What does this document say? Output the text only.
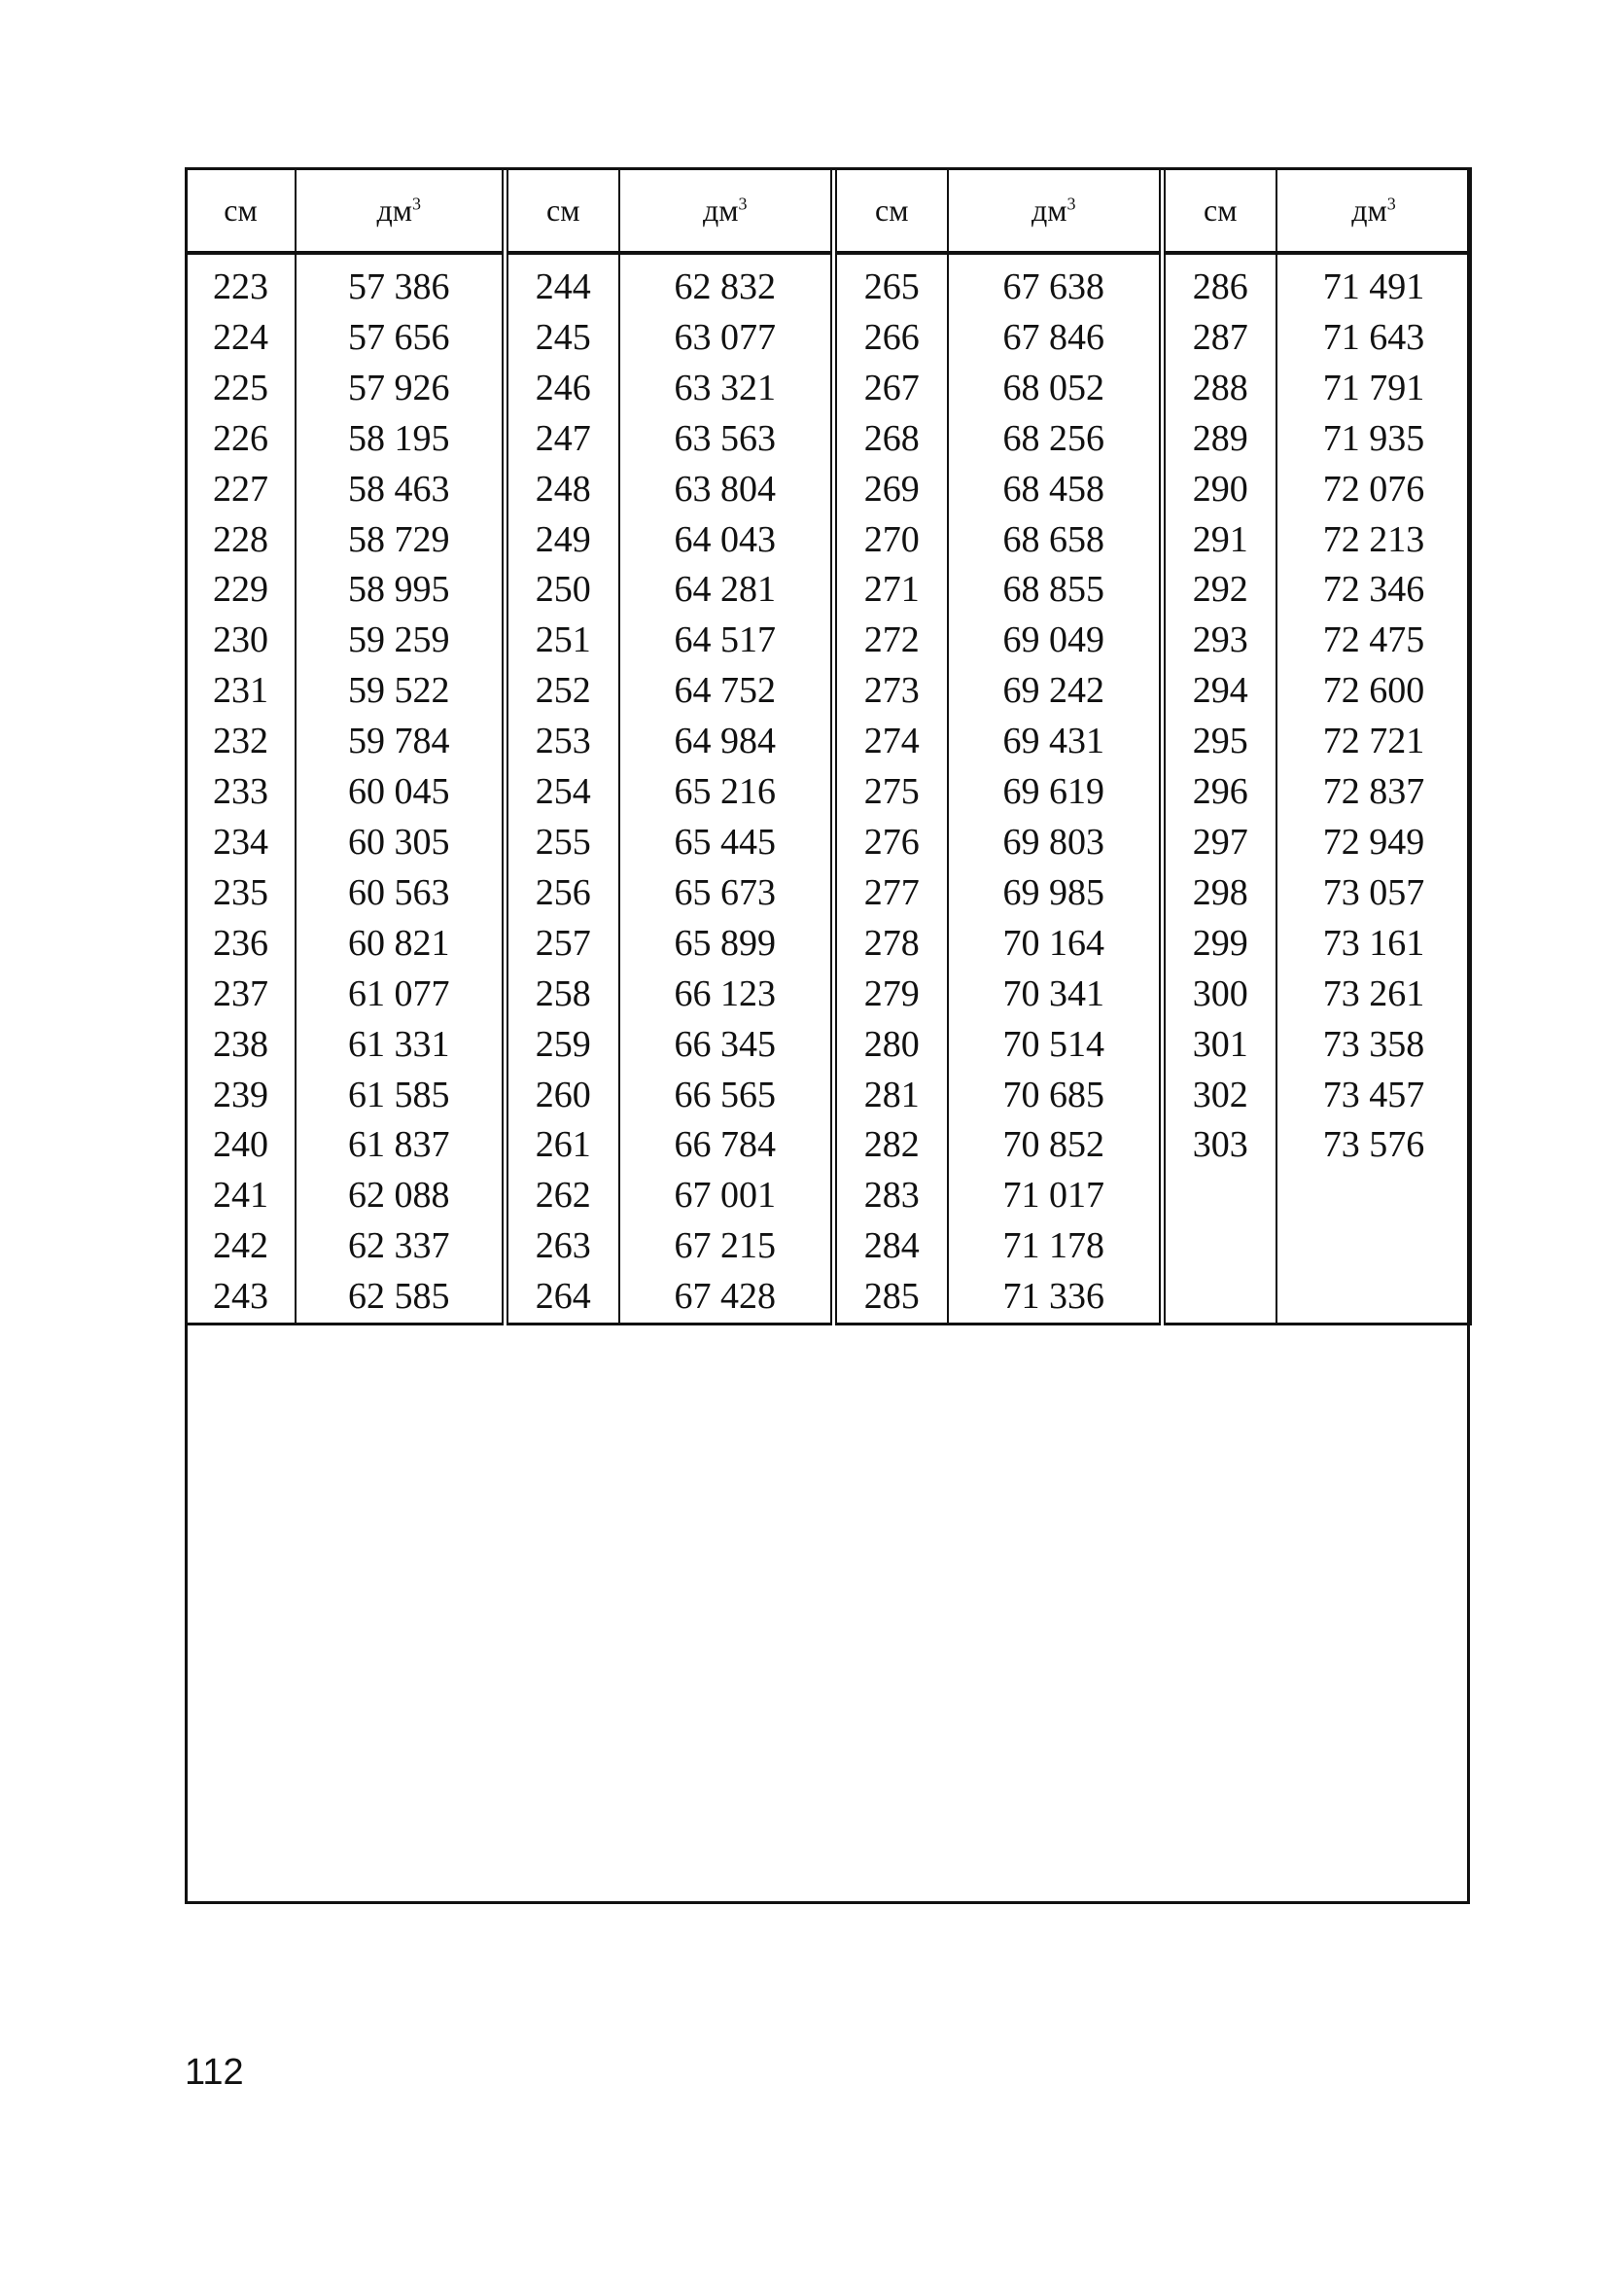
см	$дм^3$	см	$дм^3$	см	$дм^3$	см	$дм^3$
223	57 386	244	62 832	265	67 638	286	71 491
224	57 656	245	63 077	266	67 846	287	71 643
225	57 926	246	63 321	267	68 052	288	71 791
226	58 195	247	63 563	268	68 256	289	71 935
227	58 463	248	63 804	269	68 458	290	72 076
228	58 729	249	64 043	270	68 658	291	72 213
229	58 995	250	64 281	271	68 855	292	72 346
230	59 259	251	64 517	272	69 049	293	72 475
231	59 522	252	64 752	273	69 242	294	72 600
232	59 784	253	64 984	274	69 431	295	72 721
233	60 045	254	65 216	275	69 619	296	72 837
234	60 305	255	65 445	276	69 803	297	72 949
235	60 563	256	65 673	277	69 985	298	73 057
236	60 821	257	65 899	278	70 164	299	73 161
237	61 077	258	66 123	279	70 341	300	73 261
238	61 331	259	66 345	280	70 514	301	73 358
239	61 585	260	66 565	281	70 685	302	73 457
240	61 837	261	66 784	282	70 852	303	73 576
241	62 088	262	67 001	283	71 017		
242	62 337	263	67 215	284	71 178		
243	62 585	264	67 428	285	71 336		
112
